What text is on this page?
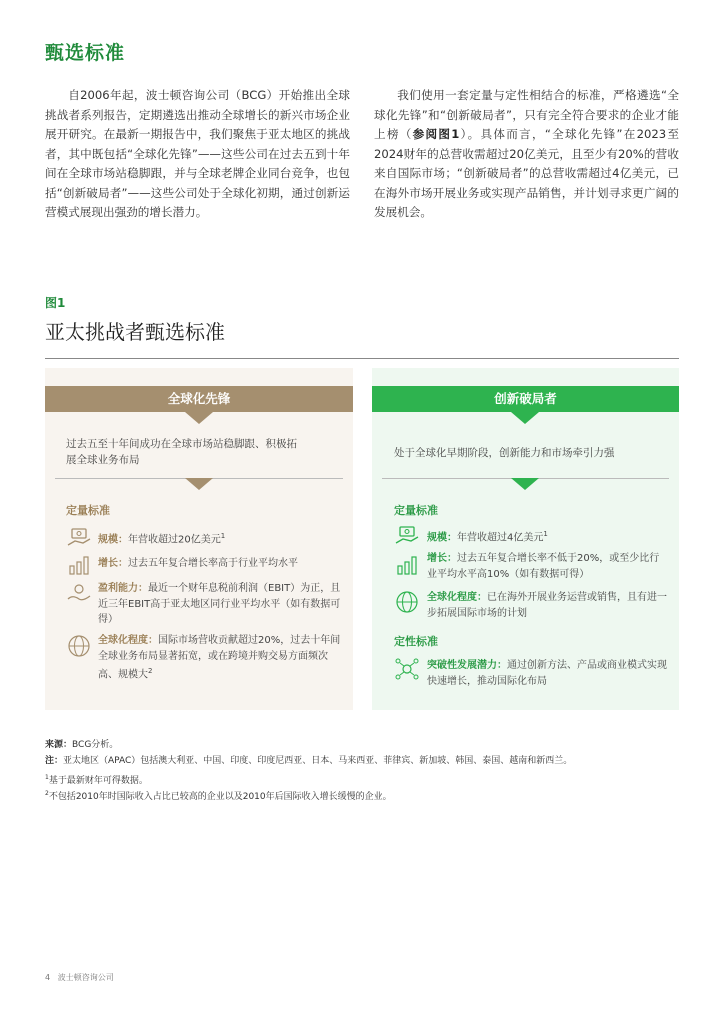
甄选标准
自2006年起，波士顿咨询公司（BCG）开始推出全球挑战者系列报告，定期遴选出推动全球增长的新兴市场企业展开研究。在最新一期报告中，我们聚焦于亚太地区的挑战者，其中既包括“全球化先锋”——这些公司在过去五到十年间在全球市场站稳脚跟，并与全球老牌企业同台竞争，也包括“创新破局者”——这些公司处于全球化初期，通过创新运营模式展现出强劲的增长潜力。
我们使用一套定量与定性相结合的标准，严格遴选“全球化先锋”和“创新破局者”，只有完全符合要求的企业才能上榜（参阅图1）。具体而言，“全球化先锋”在2023至2024财年的总营收需超过20亿美元，且至少有20%的营收来自国际市场；“创新破局者”的总营收需超过4亿美元，已在海外市场开展业务或实现产品销售，并计划寻求更广阔的发展机会。
图1
亚太挑战者甄选标准
全球化先锋
过去五至十年间成功在全球市场站稳脚跟、积极拓展全球业务布局
定量标准
规模：年营收超过20亿美元$^1$
增长：过去五年复合增长率高于行业平均水平
盈利能力：最近一个财年息税前利润（EBIT）为正，且近三年EBIT高于亚太地区同行业平均水平（如有数据可得）
全球化程度：国际市场营收贡献超过20%，过去十年间全球业务布局显著拓宽，或在跨境并购交易方面频次高、规模大$^2$
创新破局者
处于全球化早期阶段，创新能力和市场牵引力强
定量标准
规模：年营收超过4亿美元$^1$
增长：过去五年复合增长率不低于20%，或至少比行业平均水平高10%（如有数据可得）
全球化程度：已在海外开展业务运营或销售，且有进一步拓展国际市场的计划
定性标准
突破性发展潜力：通过创新方法、产品或商业模式实现快速增长，推动国际化布局
来源：BCG分析。
注：亚太地区（APAC）包括澳大利亚、中国、印度、印度尼西亚、日本、马来西亚、菲律宾、新加坡、韩国、泰国、越南和新西兰。
$^1$基于最新财年可得数据。
$^2$不包括2010年时国际收入占比已较高的企业以及2010年后国际收入增长缓慢的企业。
4 波士顿咨询公司
